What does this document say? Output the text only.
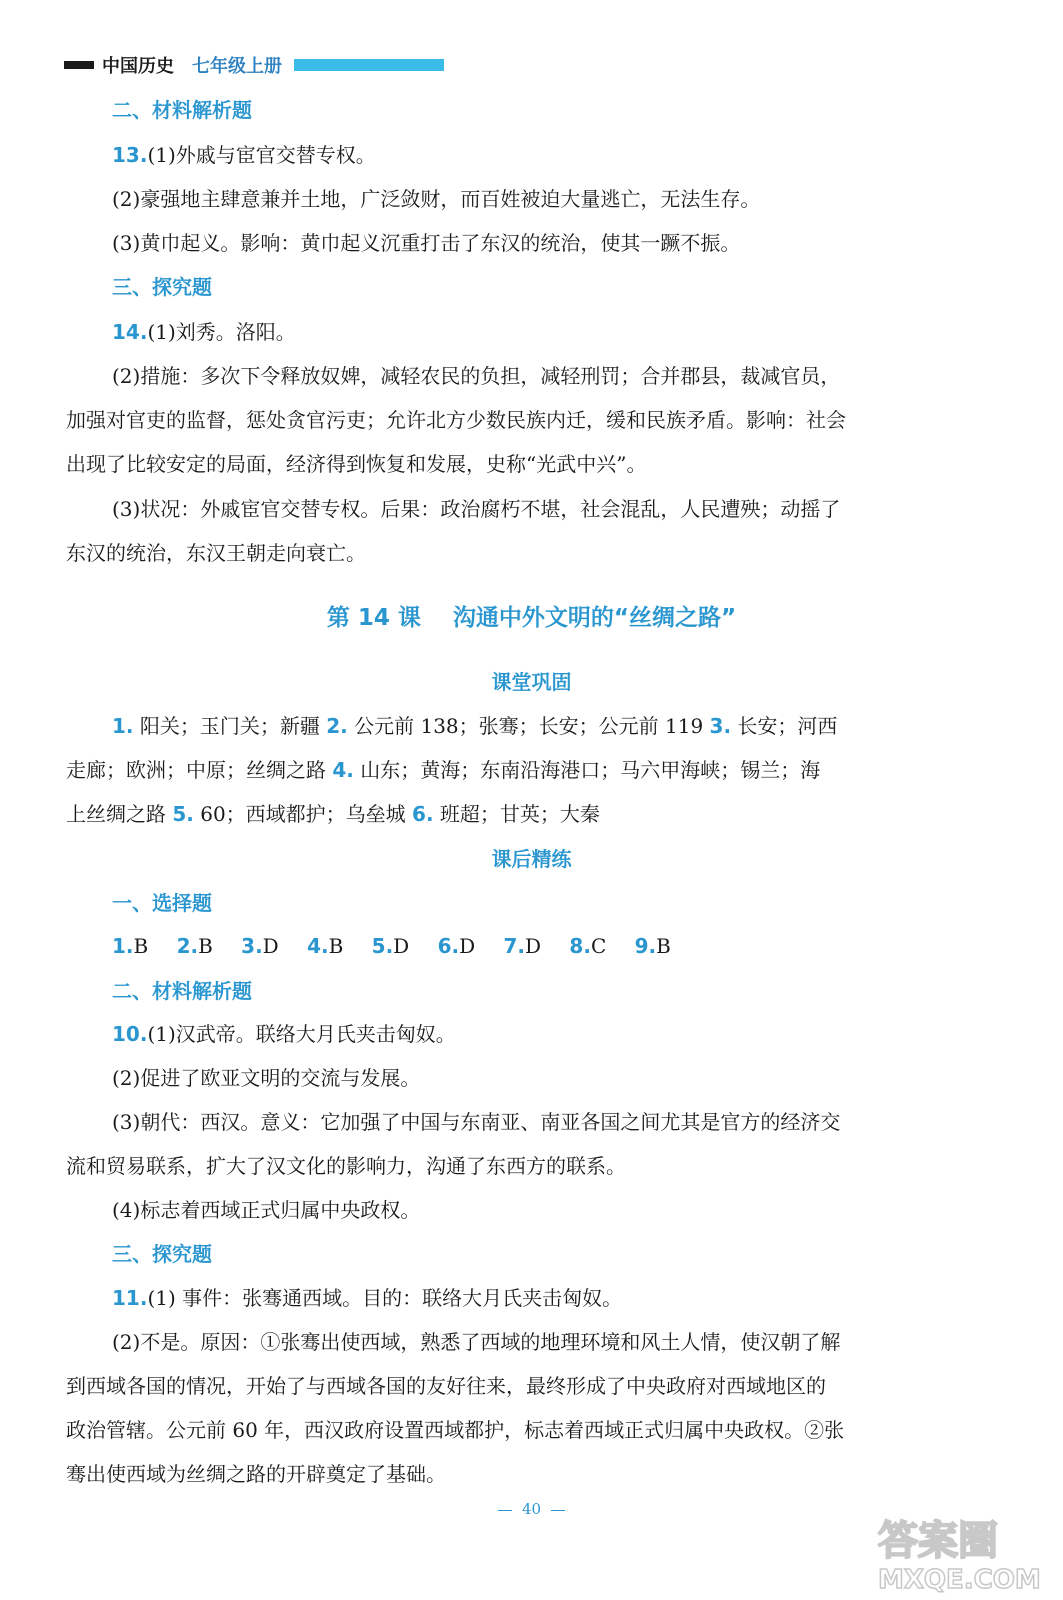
中国历史 七年级上册
二、材料解析题
13.(1)外戚与宦官交替专权。
(2)豪强地主肆意兼并土地，广泛敛财，而百姓被迫大量逃亡，无法生存。
(3)黄巾起义。影响：黄巾起义沉重打击了东汉的统治，使其一蹶不振。
三、探究题
14.(1)刘秀。洛阳。
(2)措施：多次下令释放奴婢，减轻农民的负担，减轻刑罚；合并郡县，裁减官员，
加强对官吏的监督，惩处贪官污吏；允许北方少数民族内迁，缓和民族矛盾。影响：社会
出现了比较安定的局面，经济得到恢复和发展，史称“光武中兴”。
(3)状况：外戚宦官交替专权。后果：政治腐朽不堪，社会混乱，人民遭殃；动摇了
东汉的统治，东汉王朝走向衰亡。
第 14 课 沟通中外文明的“丝绸之路”
课堂巩固
1. 阳关；玉门关；新疆 2. 公元前 138；张骞；长安；公元前 119 3. 长安；河西
走廊；欧洲；中原；丝绸之路 4. 山东；黄海；东南沿海港口；马六甲海峡；锡兰；海
上丝绸之路 5. 60；西域都护；乌垒城 6. 班超；甘英；大秦
课后精练
一、选择题
1.B 2.B 3.D 4.B 5.D 6.D 7.D 8.C 9.B
二、材料解析题
10.(1)汉武帝。联络大月氏夹击匈奴。
(2)促进了欧亚文明的交流与发展。
(3)朝代：西汉。意义：它加强了中国与东南亚、南亚各国之间尤其是官方的经济交
流和贸易联系，扩大了汉文化的影响力，沟通了东西方的联系。
(4)标志着西域正式归属中央政权。
三、探究题
11.(1) 事件：张骞通西域。目的：联络大月氏夹击匈奴。
(2)不是。原因：①张骞出使西域，熟悉了西域的地理环境和风土人情，使汉朝了解
到西域各国的情况，开始了与西域各国的友好往来，最终形成了中央政府对西域地区的
政治管辖。公元前 60 年，西汉政府设置西域都护，标志着西域正式归属中央政权。②张
骞出使西域为丝绸之路的开辟奠定了基础。
40
答案圈
MXQE.COM
